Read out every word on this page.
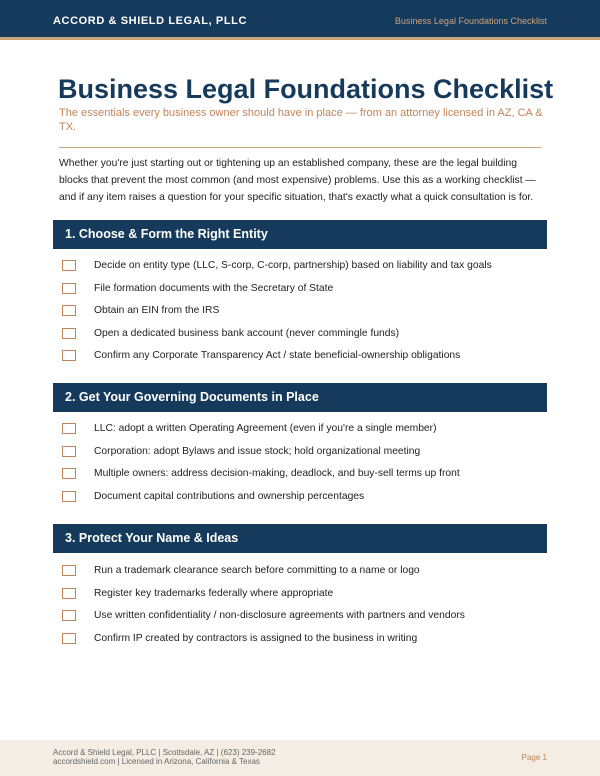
ACCORD & SHIELD LEGAL, PLLC	Business Legal Foundations Checklist
Business Legal Foundations Checklist

The essentials every business owner should have in place — from an attorney licensed in AZ, CA & TX.

Whether you're just starting out or tightening up an established company, these are the legal building blocks that prevent the most common (and most expensive) problems. Use this as a working checklist — and if any item raises a question for your specific situation, that's exactly what a quick consultation is for.

1. Choose & Form the Right Entity
Decide on entity type (LLC, S-corp, C-corp, partnership) based on liability and tax goals
File formation documents with the Secretary of State
Obtain an EIN from the IRS
Open a dedicated business bank account (never commingle funds)
Confirm any Corporate Transparency Act / state beneficial-ownership obligations
2. Get Your Governing Documents in Place
LLC: adopt a written Operating Agreement (even if you're a single member)
Corporation: adopt Bylaws and issue stock; hold organizational meeting
Multiple owners: address decision-making, deadlock, and buy-sell terms up front
Document capital contributions and ownership percentages
3. Protect Your Name & Ideas
Run a trademark clearance search before committing to a name or logo
Register key trademarks federally where appropriate
Use written confidentiality / non-disclosure agreements with partners and vendors
Confirm IP created by contractors is assigned to the business in writing
Accord & Shield Legal, PLLC | Scottsdale, AZ | (623) 239-2682
accordshield.com | Licensed in Arizona, California & Texas	Page 1
